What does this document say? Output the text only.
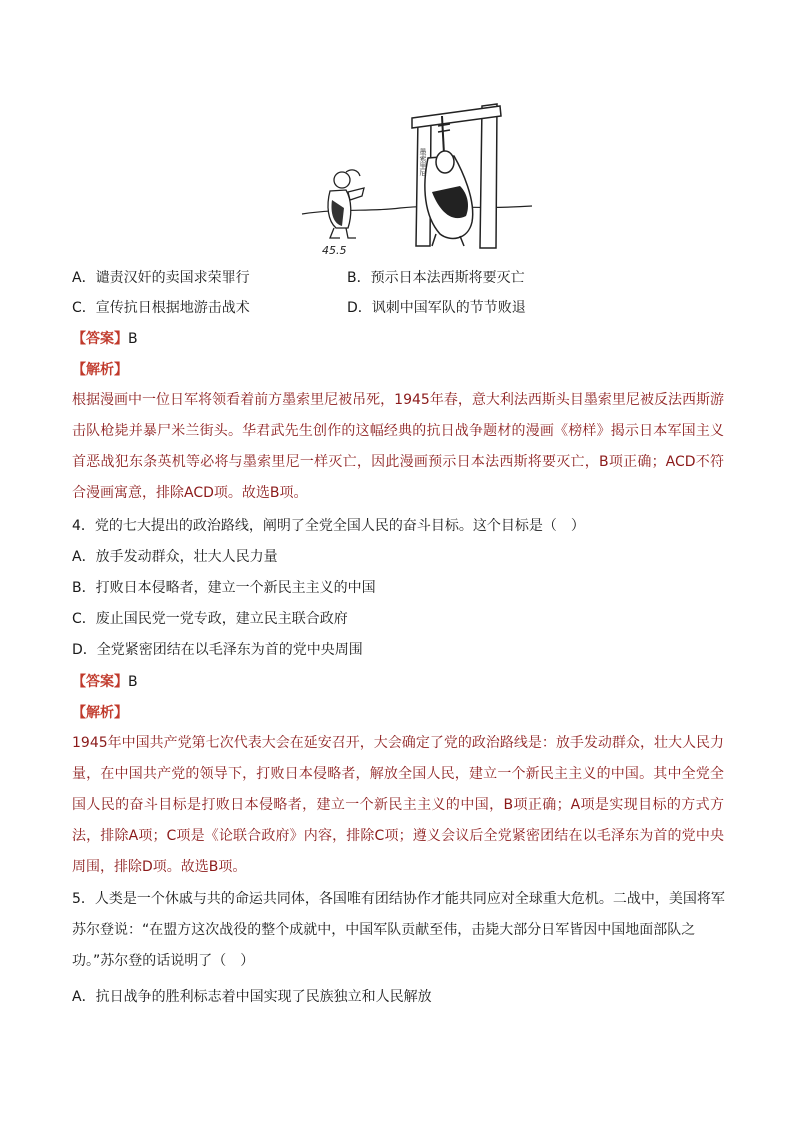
墨索里尼
45.5
A．谴责汉奸的卖国求荣罪行	B．预示日本法西斯将要灭亡
C．宣传抗日根据地游击战术	D．讽刺中国军队的节节败退
【答案】B
【解析】
根据漫画中一位日军将领看着前方墨索里尼被吊死，1945年春，意大利法西斯头目墨索里尼被反法西斯游击队枪毙并暴尸米兰街头。华君武先生创作的这幅经典的抗日战争题材的漫画《榜样》揭示日本军国主义首恶战犯东条英机等必将与墨索里尼一样灭亡，因此漫画预示日本法西斯将要灭亡，B项正确；ACD不符合漫画寓意，排除ACD项。故选B项。
4．党的七大提出的政治路线，阐明了全党全国人民的奋斗目标。这个目标是（　）
A．放手发动群众，壮大人民力量
B．打败日本侵略者，建立一个新民主主义的中国
C．废止国民党一党专政，建立民主联合政府
D．全党紧密团结在以毛泽东为首的党中央周围
【答案】B
【解析】
1945年中国共产党第七次代表大会在延安召开，大会确定了党的政治路线是：放手发动群众，壮大人民力量，在中国共产党的领导下，打败日本侵略者，解放全国人民，建立一个新民主主义的中国。其中全党全国人民的奋斗目标是打败日本侵略者，建立一个新民主主义的中国，B项正确；A项是实现目标的方式方法，排除A项；C项是《论联合政府》内容，排除C项；遵义会议后全党紧密团结在以毛泽东为首的党中央周围，排除D项。故选B项。
5．人类是一个休戚与共的命运共同体，各国唯有团结协作才能共同应对全球重大危机。二战中，美国将军苏尔登说：“在盟方这次战役的整个成就中，中国军队贡献至伟，击毙大部分日军皆因中国地面部队之功。”苏尔登的话说明了（　）
A．抗日战争的胜利标志着中国实现了民族独立和人民解放
